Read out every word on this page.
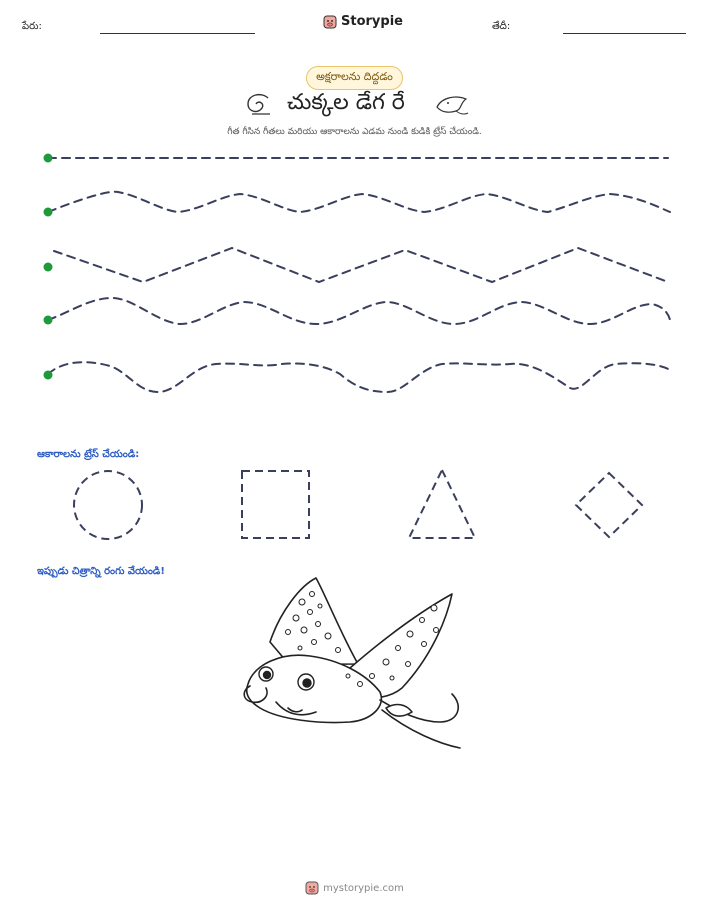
పేరు:	Storypie	తేదీ:
అక్షరాలను దిద్దడం
చుక్కల డేగ రే
గీత గీసిన గీతలు మరియు ఆకారాలను ఎడమ నుండి కుడికి ట్రేస్ చేయండి.
ఆకారాలను ట్రేస్ చేయండి:
ఇప్పుడు చిత్రాన్ని రంగు వేయండి!
mystorypie.com
